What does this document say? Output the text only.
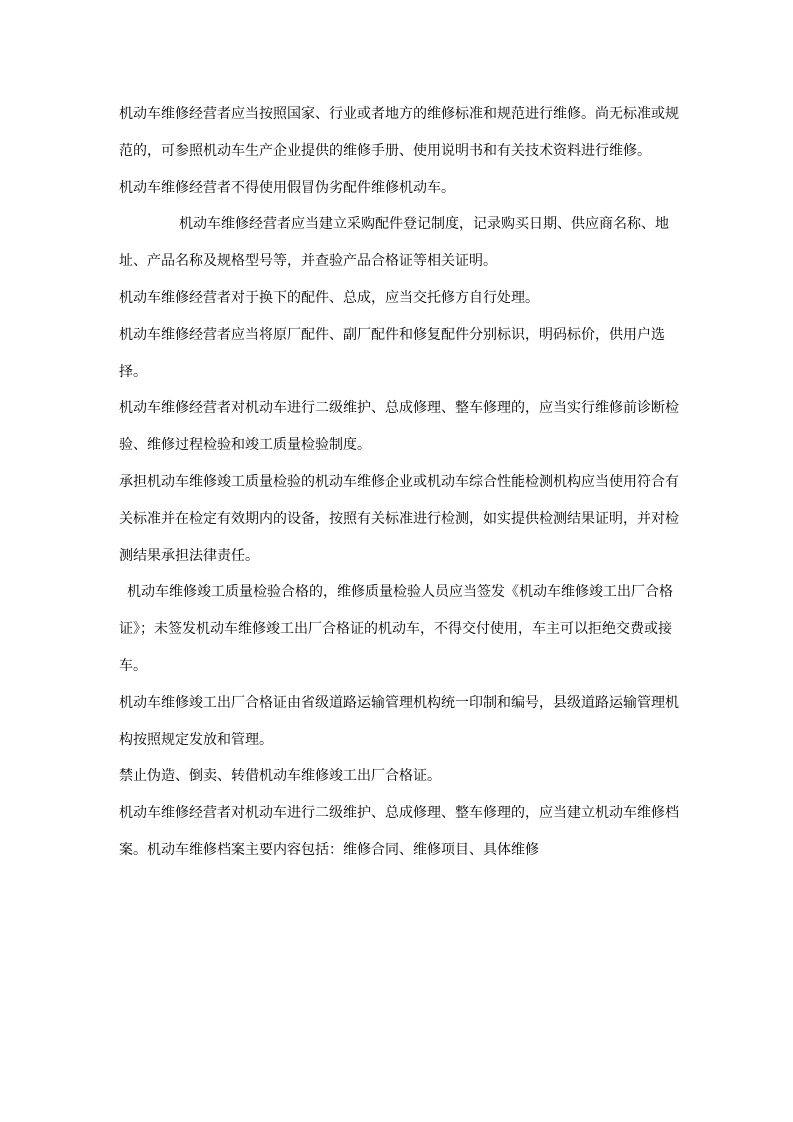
机动车维修经营者应当按照国家、行业或者地方的维修标准和规范进行维修。尚无标准或规范的，可参照机动车生产企业提供的维修手册、使用说明书和有关技术资料进行维修。

机动车维修经营者不得使用假冒伪劣配件维修机动车。

机动车维修经营者应当建立采购配件登记制度，记录购买日期、供应商名称、地址、产品名称及规格型号等，并查验产品合格证等相关证明。

机动车维修经营者对于换下的配件、总成，应当交托修方自行处理。

机动车维修经营者应当将原厂配件、副厂配件和修复配件分别标识，明码标价，供用户选择。

机动车维修经营者对机动车进行二级维护、总成修理、整车修理的，应当实行维修前诊断检验、维修过程检验和竣工质量检验制度。

承担机动车维修竣工质量检验的机动车维修企业或机动车综合性能检测机构应当使用符合有关标准并在检定有效期内的设备，按照有关标准进行检测，如实提供检测结果证明，并对检测结果承担法律责任。

机动车维修竣工质量检验合格的，维修质量检验人员应当签发《机动车维修竣工出厂合格证》；未签发机动车维修竣工出厂合格证的机动车，不得交付使用，车主可以拒绝交费或接车。

机动车维修竣工出厂合格证由省级道路运输管理机构统一印制和编号，县级道路运输管理机构按照规定发放和管理。

禁止伪造、倒卖、转借机动车维修竣工出厂合格证。

机动车维修经营者对机动车进行二级维护、总成修理、整车修理的，应当建立机动车维修档案。机动车维修档案主要内容包括：维修合同、维修项目、具体维修
